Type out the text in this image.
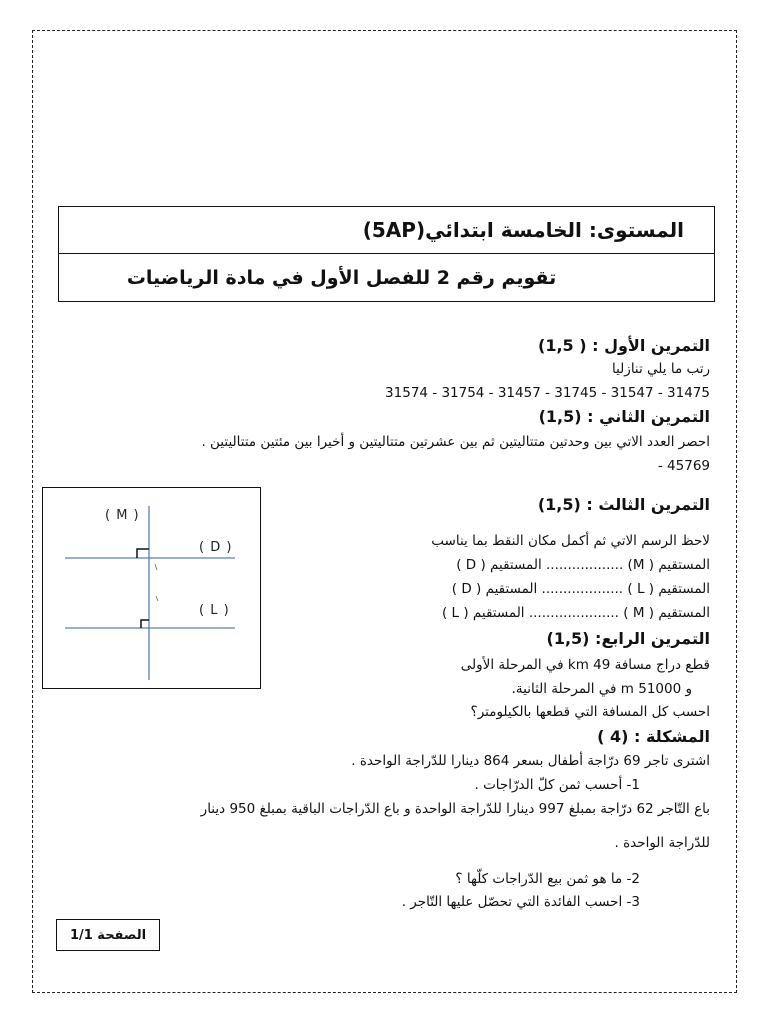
المستوى: الخامسة ابتدائي(5AP)
تقويم رقم 2 للفصل الأول في مادة الرياضيات
التمرين الأول : ( 1,5)
رتب ما يلي تنازليا
31574 - 31754 - 31457 - 31745 - 31547 - 31475
التمرين الثاني : (1,5)
احصر العدد الاتي بين وحدتين متتاليتين ثم بين عشرتين متتاليتين و أخيرا بين مئتين متتاليتين .
45769 -
التمرين الثالث : (1,5)
لاحظ الرسم الاتي ثم أكمل مكان النقط بما يناسب
المستقيم ( M) .................. المستقيم ( D )
المستقيم ( L ) ................... المستقيم ( D )
المستقيم ( M ) ..................... المستقيم ( L )
( M )
( D )
( L )
التمرين الرابع: (1,5)
قطع دراج مسافة 49 km في المرحلة الأولى
و 51000 m في المرحلة الثانية.
احسب كل المسافة التي قطعها بالكيلومتر؟
المشكلة : (4 )
اشترى تاجر 69 درّاجة أطفال بسعر 864 دينارا للدّراجة الواحدة .
1- أحسب ثمن كلّ الدرّاجات .
باع التّاجر 62 درّاجة بمبلغ 997 دينارا للدّراجة الواحدة و باع الدّراجات الباقية بمبلغ 950 دينار
للدّراجة الواحدة .
2- ما هو ثمن بيع الدّراجات كلّها ؟
3- احسب الفائدة التي تحصّل عليها التّاجر .
الصفحة 1/1
